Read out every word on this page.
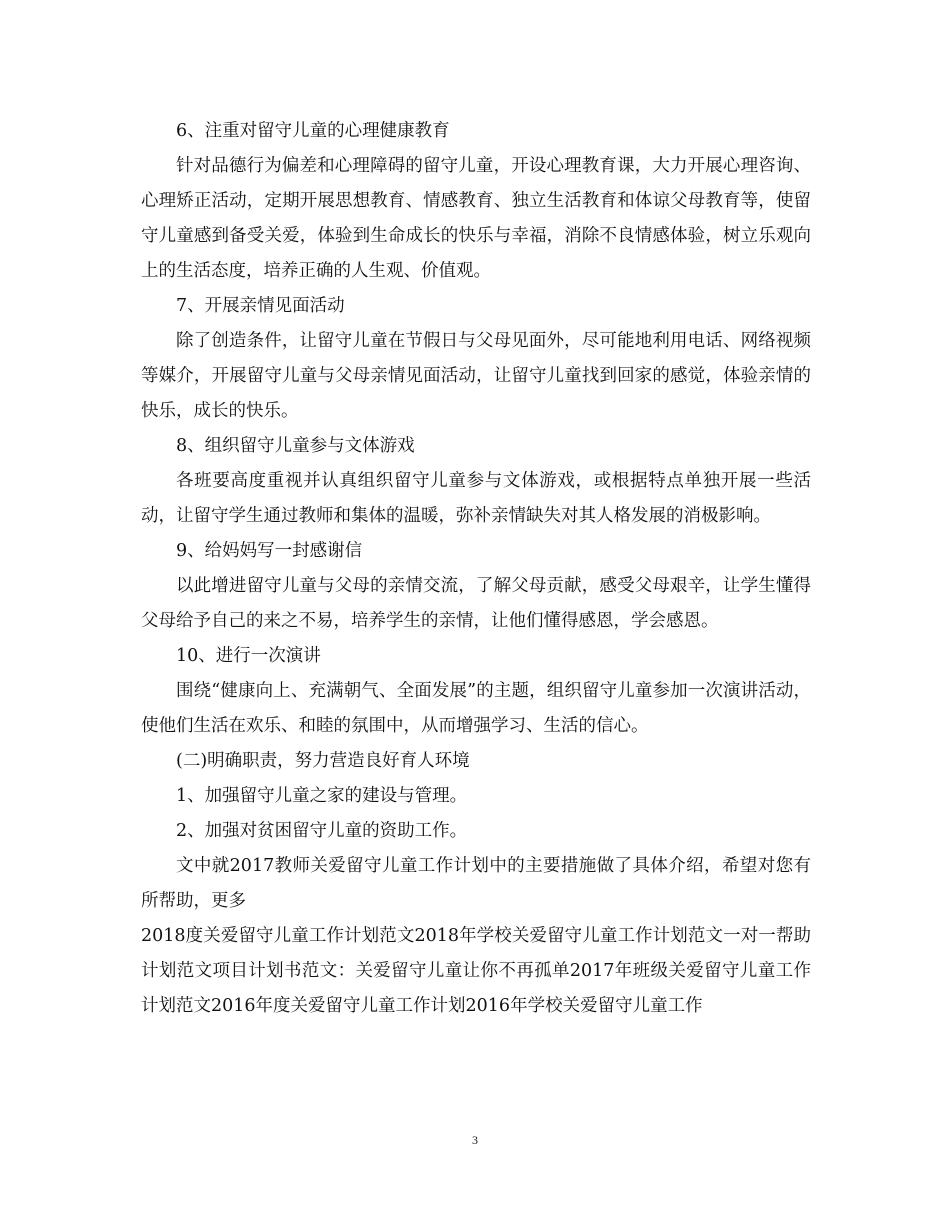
6、注重对留守儿童的心理健康教育

针对品德行为偏差和心理障碍的留守儿童，开设心理教育课，大力开展心理咨询、心理矫正活动，定期开展思想教育、情感教育、独立生活教育和体谅父母教育等，使留守儿童感到备受关爱，体验到生命成长的快乐与幸福，消除不良情感体验，树立乐观向上的生活态度，培养正确的人生观、价值观。

7、开展亲情见面活动

除了创造条件，让留守儿童在节假日与父母见面外，尽可能地利用电话、网络视频等媒介，开展留守儿童与父母亲情见面活动，让留守儿童找到回家的感觉，体验亲情的快乐，成长的快乐。

8、组织留守儿童参与文体游戏

各班要高度重视并认真组织留守儿童参与文体游戏，或根据特点单独开展一些活动，让留守学生通过教师和集体的温暖，弥补亲情缺失对其人格发展的消极影响。

9、给妈妈写一封感谢信

以此增进留守儿童与父母的亲情交流，了解父母贡献，感受父母艰辛，让学生懂得父母给予自己的来之不易，培养学生的亲情，让他们懂得感恩，学会感恩。

10、进行一次演讲

围绕“健康向上、充满朝气、全面发展”的主题，组织留守儿童参加一次演讲活动，使他们生活在欢乐、和睦的氛围中，从而增强学习、生活的信心。

(二)明确职责，努力营造良好育人环境

1、加强留守儿童之家的建设与管理。

2、加强对贫困留守儿童的资助工作。

文中就2017教师关爱留守儿童工作计划中的主要措施做了具体介绍，希望对您有所帮助，更多

2018度关爱留守儿童工作计划范文2018年学校关爱留守儿童工作计划范文一对一帮助计划范文项目计划书范文：关爱留守儿童让你不再孤单2017年班级关爱留守儿童工作计划范文2016年度关爱留守儿童工作计划2016年学校关爱留守儿童工作

3
